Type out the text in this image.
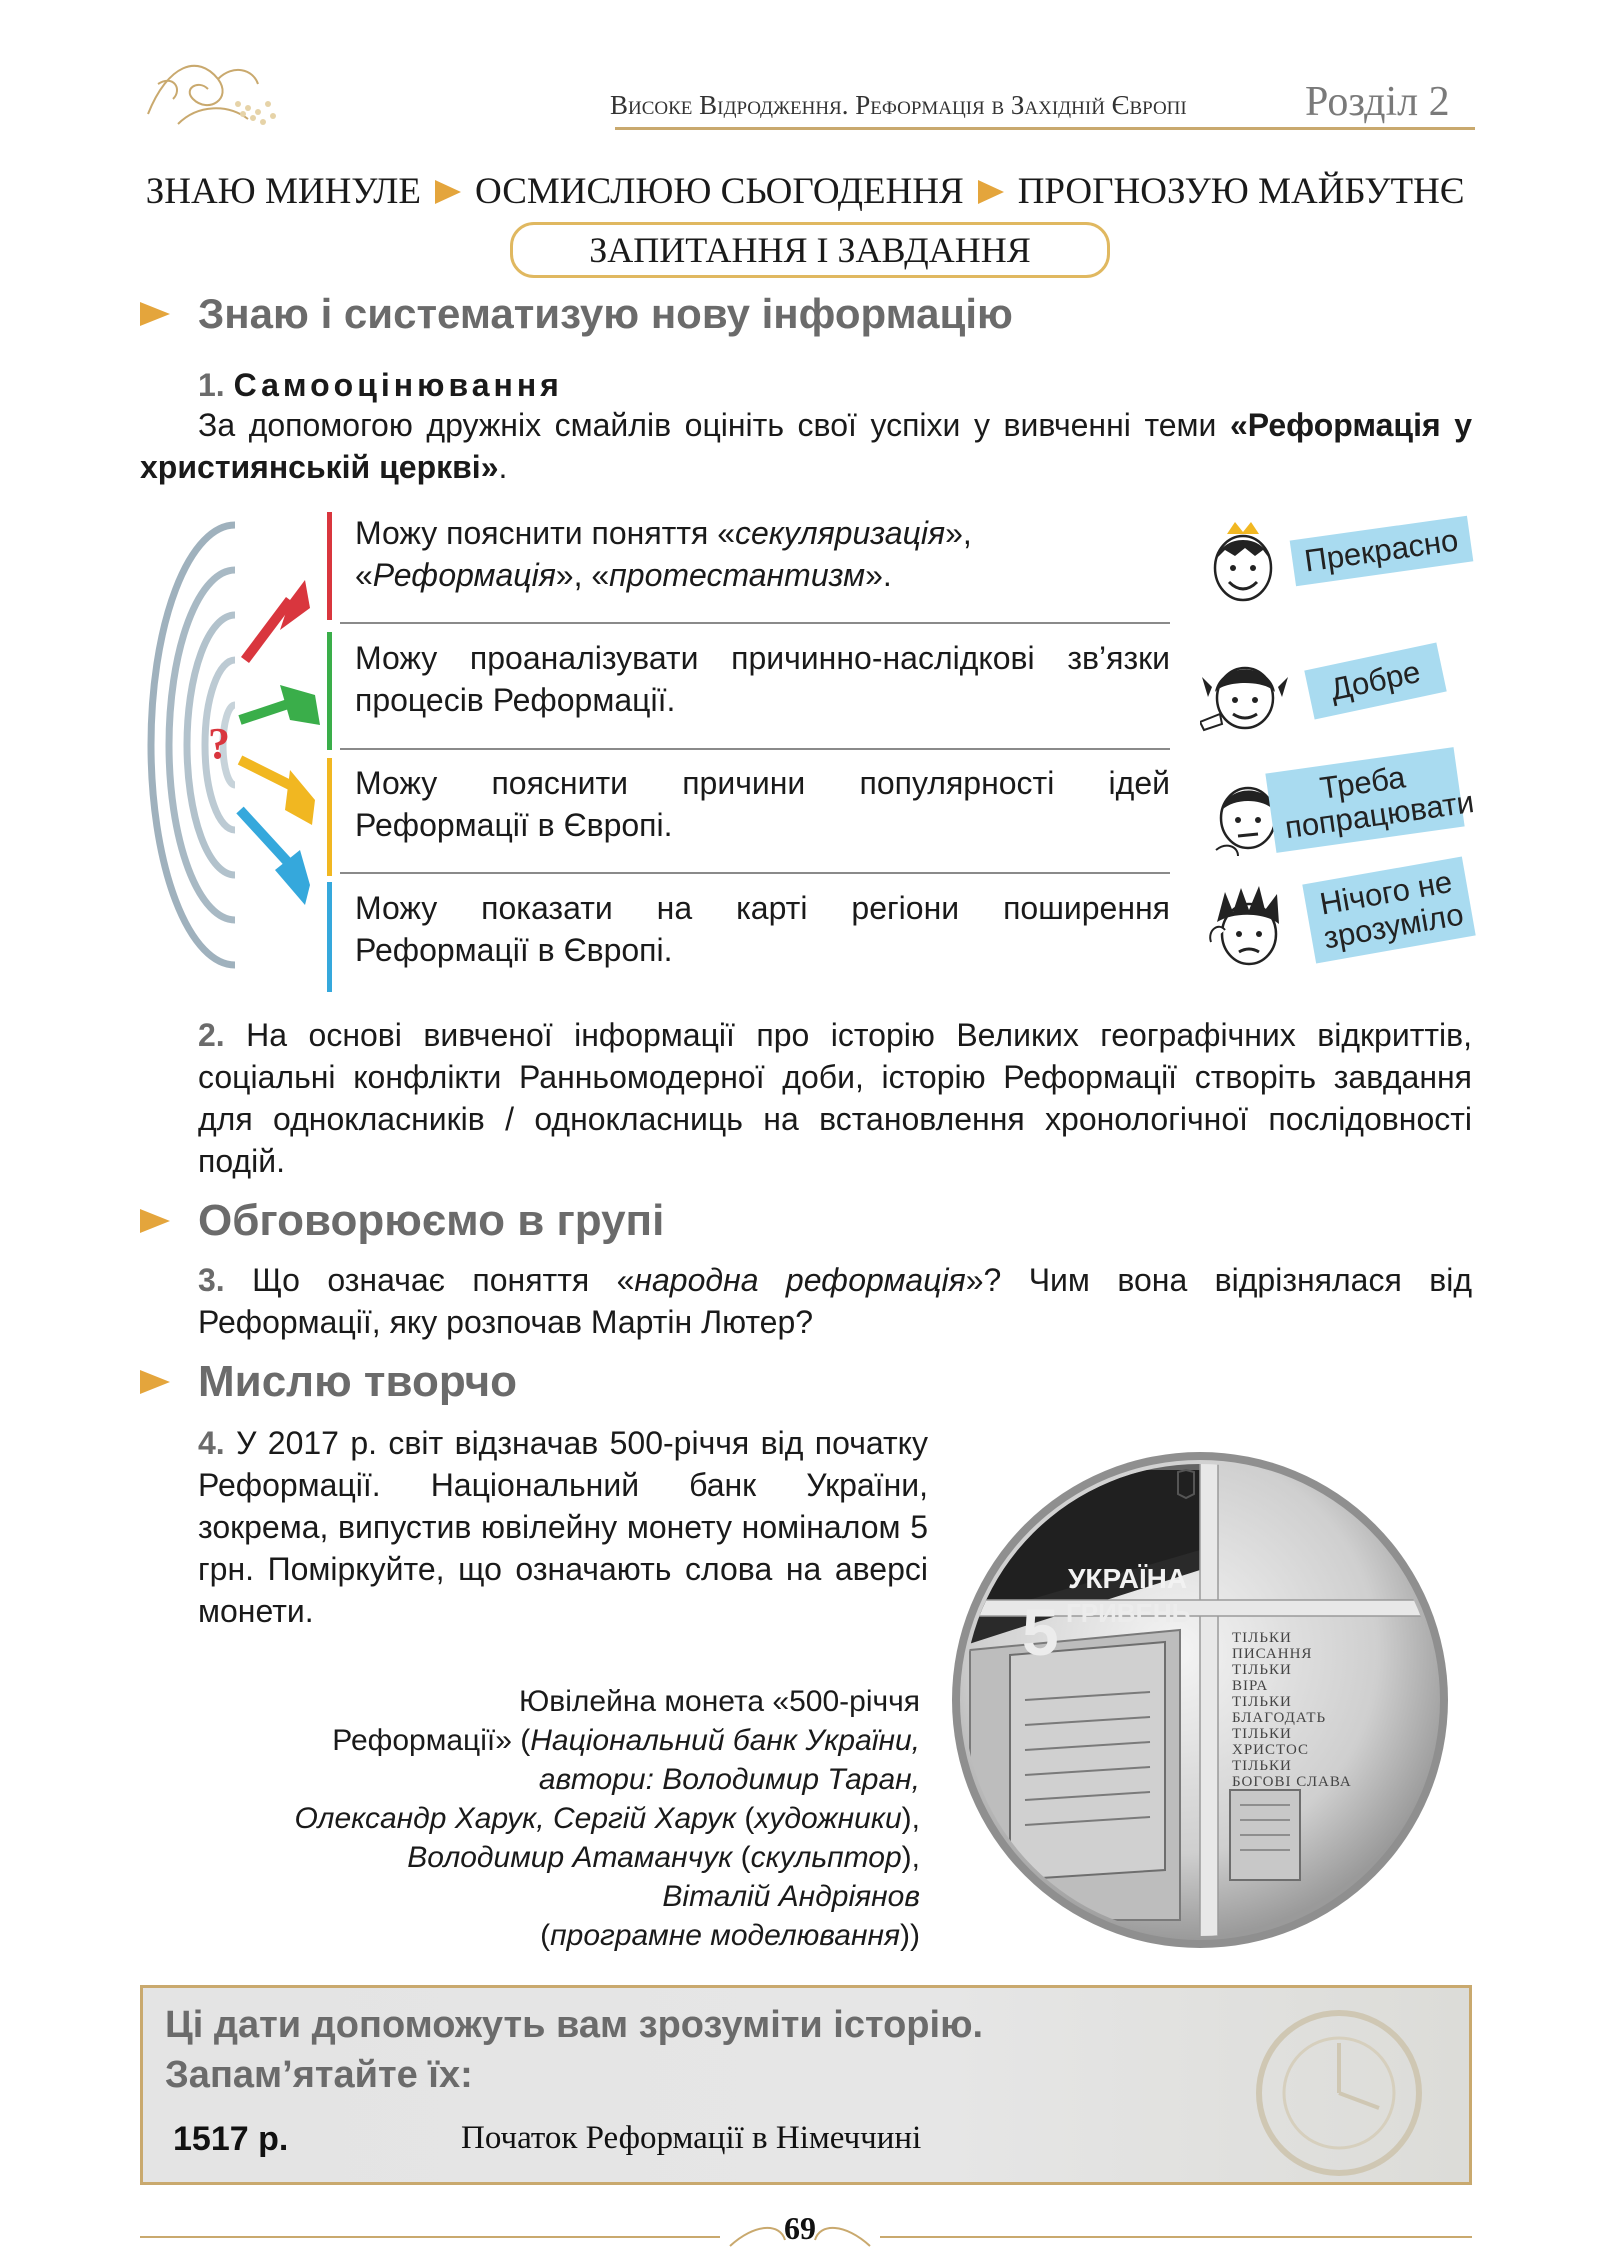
Високе Відродження. Реформація в Західній Європі	Розділ 2
ЗНАЮ МИНУЛЕ ОСМИСЛЮЮ СЬОГОДЕННЯ ПРОГНОЗУЮ МАЙБУТНЄ
ЗАПИТАННЯ І ЗАВДАННЯ
Знаю і систематизую нову інформацію
1. Самооцінювання
За допомогою дружніх смайлів оцініть свої успіхи у вивченні теми «Реформація у християнській церкві».
?
Можу пояснити поняття «секуляризація», «Реформація», «протестантизм».
Можу проаналізувати причинно-наслідкові зв’язки процесів Реформації.
Можу пояснити причини популярності ідей Реформації в Європі.
Можу показати на карті регіони поширення Реформації в Європі.
Прекрасно
Добре
Треба попрацювати
Нічого не зрозуміло
2. На основі вивченої інформації про історію Великих географічних відкриттів, соціальні конфлікти Ранньомодерної доби, історію Реформації створіть завдання для однокласників / однокласниць на встановлення хронологічної послідовності подій.
Обговорюємо в групі
3. Що означає поняття «народна реформація»? Чим вона відрізнялася від Реформації, яку розпочав Мартін Лютер?
Мислю творчо
4. У 2017 р. світ відзначав 500-річчя від початку Реформації. Національний банк України, зокрема, випустив ювілейну монету номіналом 5 грн. Поміркуйте, що означають слова на аверсі монети.
Ювілейна монета «500-річчя
Реформації» (Національний банк України,
автори: Володимир Таран,
Олександр Харук, Сергій Харук (художники),
Володимир Атаманчук (скульптор),
Віталій Андріянов
(програмне моделювання))
УКРАЇНА
5 ГРИВЕНЬ
ТІЛЬКИ
ПИСАННЯ
ТІЛЬКИ
ВІРА
ТІЛЬКИ
БЛАГОДАТЬ
ТІЛЬКИ
ХРИСТОС
ТІЛЬКИ
БОГОВІ СЛАВА
Ці дати допоможуть вам зрозуміти історію.
Запам’ятайте їх:
1517 р.	Початок Реформації в Німеччині
69
